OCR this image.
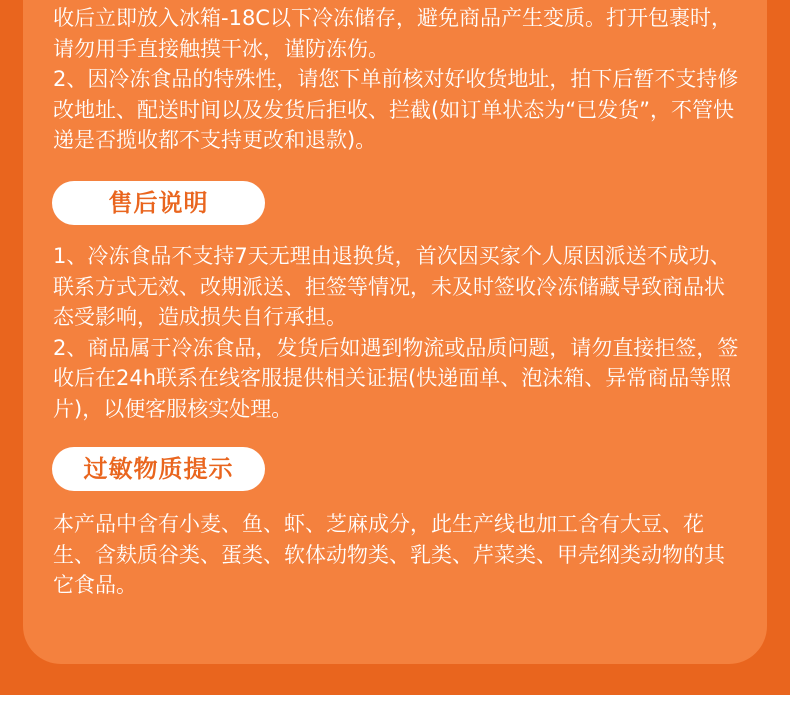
收后立即放入冰箱-18C以下冷冻储存，避免商品产生变质。打开包裹时，请勿用手直接触摸干冰，谨防冻伤。

2、因冷冻食品的特殊性，请您下单前核对好收货地址，拍下后暂不支持修改地址、配送时间以及发货后拒收、拦截(如订单状态为“已发货”，不管快递是否揽收都不支持更改和退款)。

售后说明

1、冷冻食品不支持7天无理由退换货，首次因买家个人原因派送不成功、联系方式无效、改期派送、拒签等情况，未及时签收冷冻储藏导致商品状态受影响，造成损失自行承担。

2、商品属于冷冻食品，发货后如遇到物流或品质问题，请勿直接拒签，签收后在24h联系在线客服提供相关证据(快递面单、泡沫箱、异常商品等照片)，以便客服核实处理。

过敏物质提示

本产品中含有小麦、鱼、虾、芝麻成分，此生产线也加工含有大豆、花生、含麸质谷类、蛋类、软体动物类、乳类、芹菜类、甲壳纲类动物的其它食品。
